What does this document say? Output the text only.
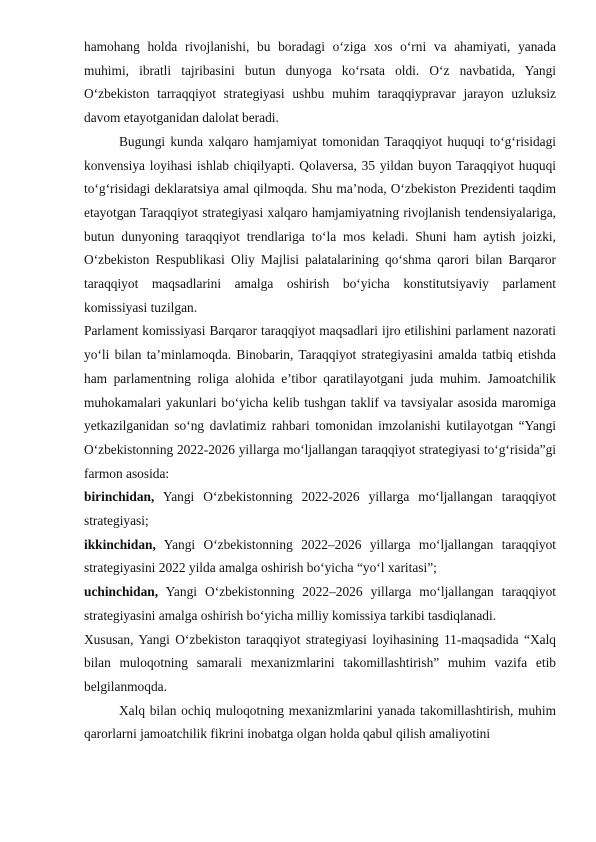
hamohang holda rivojlanishi, bu boradagi o‘ziga xos o‘rni va ahamiyati, yanada muhimi, ibratli tajribasini butun dunyoga ko‘rsata oldi. O‘z navbatida, Yangi O‘zbekiston tarraqqiyot strategiyasi ushbu muhim taraqqiypravar jarayon uzluksiz davom etayotganidan dalolat beradi.

Bugungi kunda xalqaro hamjamiyat tomonidan Taraqqiyot huquqi to‘g‘risidagi konvensiya loyihasi ishlab chiqilyapti. Qolaversa, 35 yildan buyon Taraqqiyot huquqi to‘g‘risidagi deklaratsiya amal qilmoqda. Shu ma’noda, O‘zbekiston Prezidenti taqdim etayotgan Taraqqiyot strategiyasi xalqaro hamjamiyatning rivojlanish tendensiyalariga, butun dunyoning taraqqiyot trendlariga to‘la mos keladi. Shuni ham aytish joizki, O‘zbekiston Respublikasi Oliy Majlisi palatalarining qo‘shma qarori bilan Barqaror taraqqiyot maqsadlarini amalga oshirish bo‘yicha konstitutsiyaviy parlament komissiyasi tuzilgan.

Parlament komissiyasi Barqaror taraqqiyot maqsadlari ijro etilishini parlament nazorati yo‘li bilan ta’minlamoqda. Binobarin, Taraqqiyot strategiyasini amalda tatbiq etishda ham parlamentning roliga alohida e’tibor qaratilayotgani juda muhim. Jamoatchilik muhokamalari yakunlari bo‘yicha kelib tushgan taklif va tavsiyalar asosida maromiga yetkazilganidan so‘ng davlatimiz rahbari tomonidan imzolanishi kutilayotgan “Yangi O‘zbekistonning 2022-2026 yillarga mo‘ljallangan taraqqiyot strategiyasi to‘g‘risida”gi farmon asosida:

birinchidan, Yangi O‘zbekistonning 2022-2026 yillarga mo‘ljallangan taraqqiyot strategiyasi;

ikkinchidan, Yangi O‘zbekistonning 2022–2026 yillarga mo‘ljallangan taraqqiyot strategiyasini 2022 yilda amalga oshirish bo‘yicha “yo‘l xaritasi”;

uchinchidan, Yangi O‘zbekistonning 2022–2026 yillarga mo‘ljallangan taraqqiyot strategiyasini amalga oshirish bo‘yicha milliy komissiya tarkibi tasdiqlanadi.

Xususan, Yangi O‘zbekiston taraqqiyot strategiyasi loyihasining 11-maqsadida “Xalq bilan muloqotning samarali mexanizmlarini takomillashtirish” muhim vazifa etib belgilanmoqda.

Xalq bilan ochiq muloqotning mexanizmlarini yanada takomillashtirish, muhim qarorlarni jamoatchilik fikrini inobatga olgan holda qabul qilish amaliyotini
